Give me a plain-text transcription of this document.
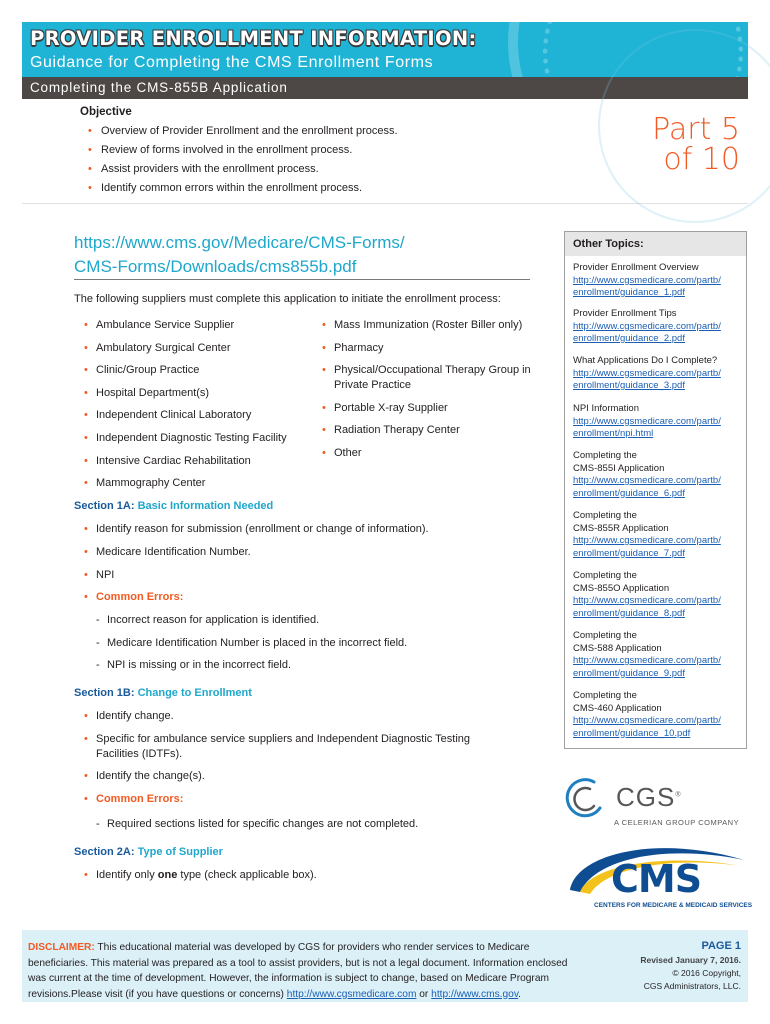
PROVIDER ENROLLMENT INFORMATION:
Guidance for Completing the CMS Enrollment Forms
Completing the CMS-855B Application
Objective
• Overview of Provider Enrollment and the enrollment process.
• Review of forms involved in the enrollment process.
• Assist providers with the enrollment process.
• Identify common errors within the enrollment process.
Part 5
of 10
https://www.cms.gov/Medicare/CMS-Forms/
CMS-Forms/Downloads/cms855b.pdf
The following suppliers must complete this application to initiate the enrollment process:
• Ambulance Service Supplier
• Ambulatory Surgical Center
• Clinic/Group Practice
• Hospital Department(s)
• Independent Clinical Laboratory
• Independent Diagnostic Testing Facility
• Intensive Cardiac Rehabilitation
• Mammography Center
• Mass Immunization (Roster Biller only)
• Pharmacy
• Physical/Occupational Therapy Group in Private Practice
• Portable X-ray Supplier
• Radiation Therapy Center
• Other
Section 1A: Basic Information Needed
• Identify reason for submission (enrollment or change of information).
• Medicare Identification Number.
• NPI
• Common Errors:
- Incorrect reason for application is identified.
- Medicare Identification Number is placed in the incorrect field.
- NPI is missing or in the incorrect field.
Section 1B: Change to Enrollment
• Identify change.
• Specific for ambulance service suppliers and Independent Diagnostic Testing Facilities (IDTFs).
• Identify the change(s).
• Common Errors:
- Required sections listed for specific changes are not completed.
Section 2A: Type of Supplier
• Identify only one type (check applicable box).
Other Topics:
Provider Enrollment Overview
http://www.cgsmedicare.com/partb/
enrollment/guidance_1.pdf
Provider Enrollment Tips
http://www.cgsmedicare.com/partb/
enrollment/guidance_2.pdf
What Applications Do I Complete?
http://www.cgsmedicare.com/partb/
enrollment/guidance_3.pdf
NPI Information
http://www.cgsmedicare.com/partb/
enrollment/npi.html
Completing the
CMS-855I Application
http://www.cgsmedicare.com/partb/
enrollment/guidance_6.pdf
Completing the
CMS-855R Application
http://www.cgsmedicare.com/partb/
enrollment/guidance_7.pdf
Completing the
CMS-855O Application
http://www.cgsmedicare.com/partb/
enrollment/guidance_8.pdf
Completing the
CMS-588 Application
http://www.cgsmedicare.com/partb/
enrollment/guidance_9.pdf
Completing the
CMS-460 Application
http://www.cgsmedicare.com/partb/
enrollment/guidance_10.pdf
CGS®
A CELERIAN GROUP COMPANY
CMS
CENTERS FOR MEDICARE & MEDICAID SERVICES
DISCLAIMER: This educational material was developed by CGS for providers who render services to Medicare beneficiaries. This material was prepared as a tool to assist providers, but is not a legal document. Information enclosed was current at the time of development. However, the information is subject to change, based on Medicare Program revisions.Please visit (if you have questions or concerns) http://www.cgsmedicare.com or http://www.cms.gov.
PAGE 1
Revised January 7, 2016.
© 2016 Copyright,
CGS Administrators, LLC.
